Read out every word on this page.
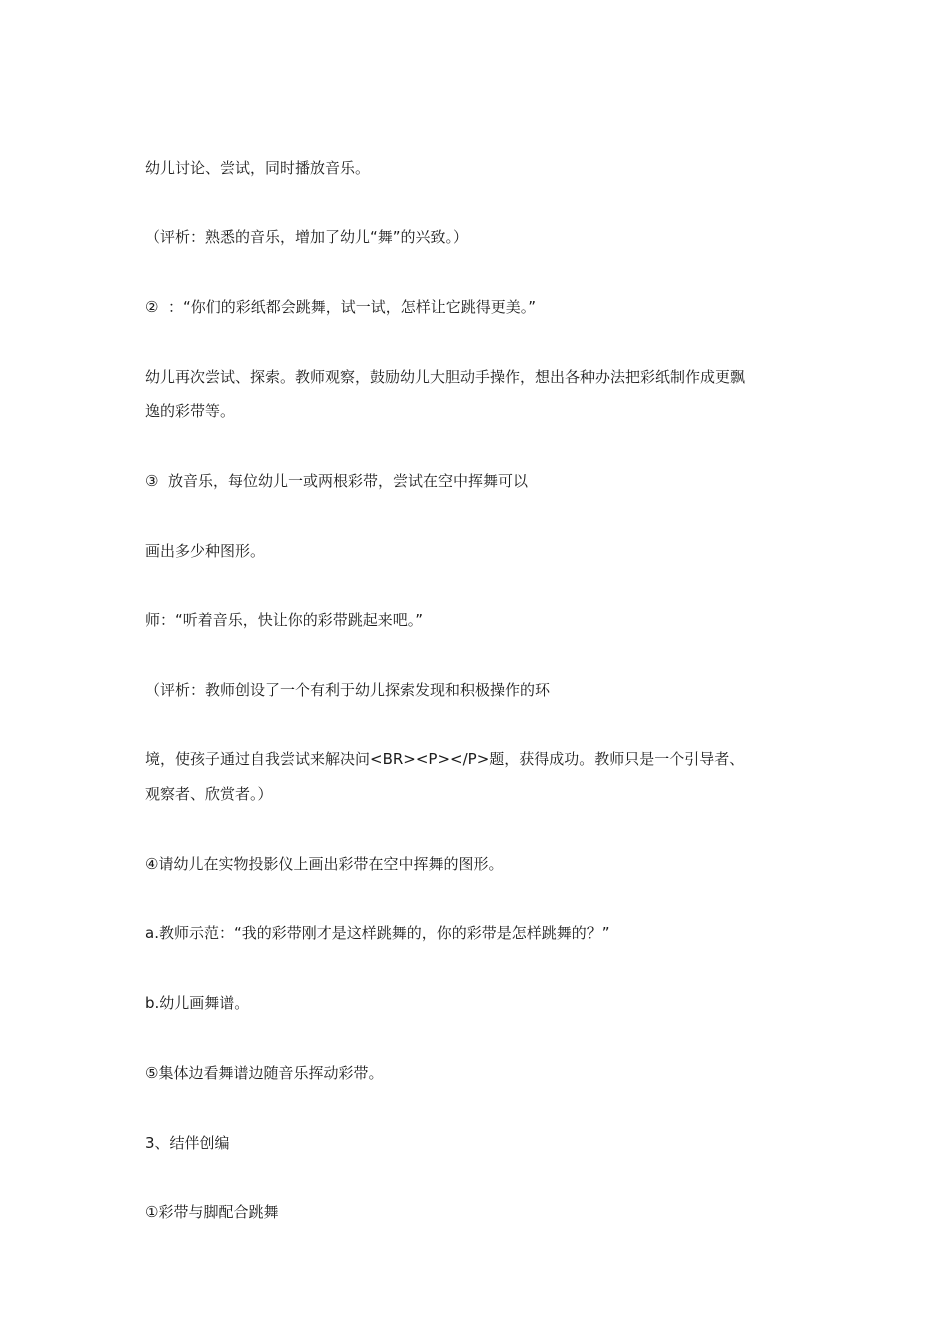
幼儿讨论、尝试，同时播放音乐。

（评析：熟悉的音乐，增加了幼儿“舞”的兴致。）

②  ：“你们的彩纸都会跳舞，试一试，怎样让它跳得更美。”

幼儿再次尝试、探索。教师观察，鼓励幼儿大胆动手操作，想出各种办法把彩纸制作成更飘

逸的彩带等。

③  放音乐，每位幼儿一或两根彩带，尝试在空中挥舞可以

画出多少种图形。

师：“听着音乐，快让你的彩带跳起来吧。”

（评析：教师创设了一个有利于幼儿探索发现和积极操作的环

境，使孩子通过自我尝试来解决问<BR><P></P>题，获得成功。教师只是一个引导者、

观察者、欣赏者。）

④请幼儿在实物投影仪上画出彩带在空中挥舞的图形。

a.教师示范：“我的彩带刚才是这样跳舞的，你的彩带是怎样跳舞的？”

b.幼儿画舞谱。

⑤集体边看舞谱边随音乐挥动彩带。

3、结伴创编

①彩带与脚配合跳舞
